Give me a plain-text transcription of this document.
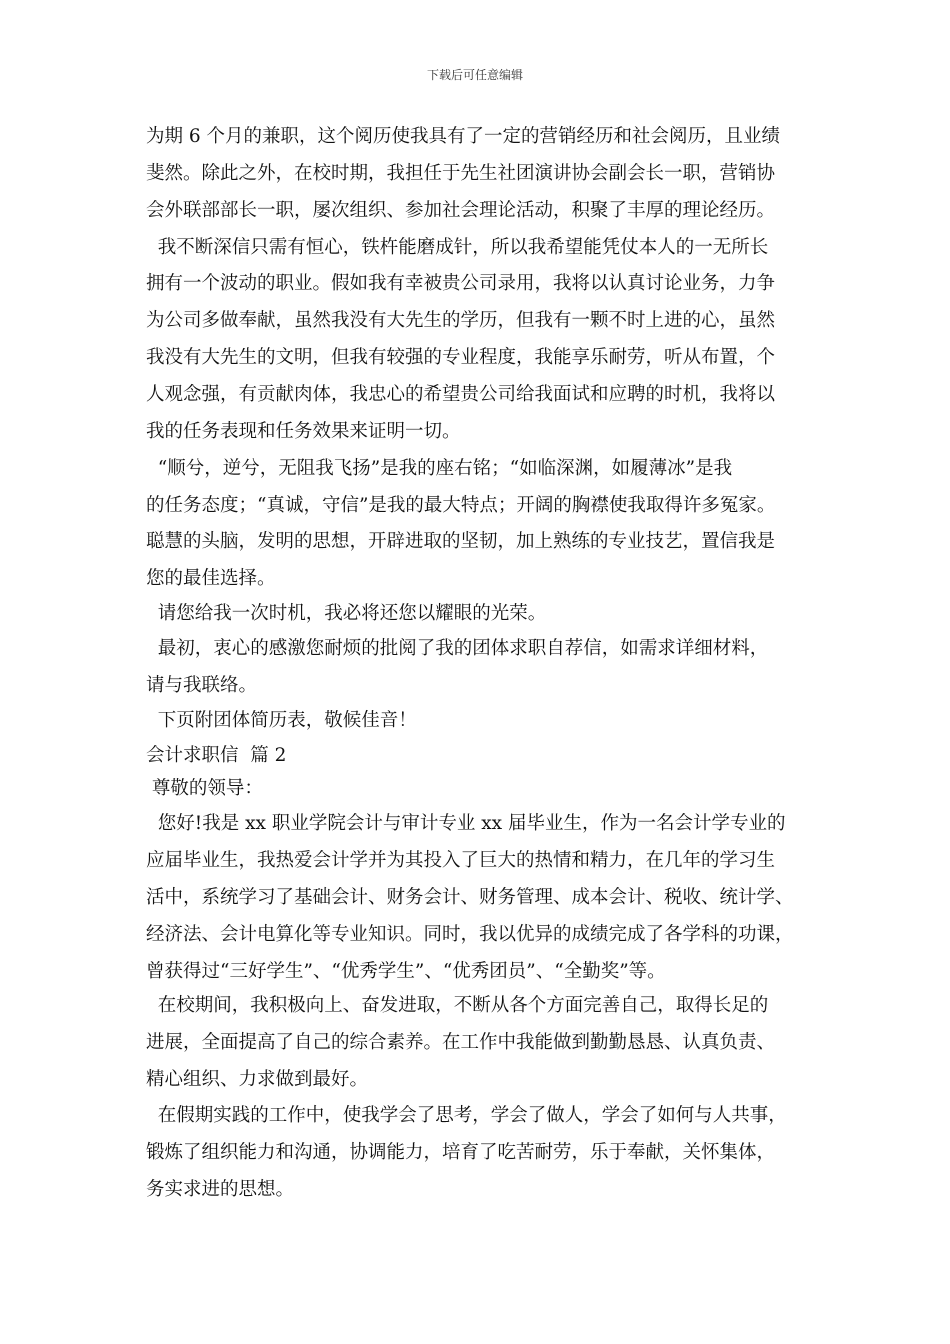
下载后可任意编辑
为期 6 个月的兼职，这个阅历使我具有了一定的营销经历和社会阅历，且业绩
斐然。除此之外，在校时期，我担任于先生社团演讲协会副会长一职，营销协
会外联部部长一职，屡次组织、参加社会理论活动，积聚了丰厚的理论经历。
我不断深信只需有恒心，铁杵能磨成针，所以我希望能凭仗本人的一无所长
拥有一个波动的职业。假如我有幸被贵公司录用，我将以认真讨论业务，力争
为公司多做奉献，虽然我没有大先生的学历，但我有一颗不时上进的心，虽然
我没有大先生的文明，但我有较强的专业程度，我能享乐耐劳，听从布置，个
人观念强，有贡献肉体，我忠心的希望贵公司给我面试和应聘的时机，我将以
我的任务表现和任务效果来证明一切。
“顺兮，逆兮，无阻我飞扬”是我的座右铭；“如临深渊，如履薄冰”是我
的任务态度；“真诚，守信”是我的最大特点；开阔的胸襟使我取得许多冤家。
聪慧的头脑，发明的思想，开辟进取的坚韧，加上熟练的专业技艺，置信我是
您的最佳选择。
请您给我一次时机，我必将还您以耀眼的光荣。
最初，衷心的感激您耐烦的批阅了我的团体求职自荐信，如需求详细材料，
请与我联络。
下页附团体简历表，敬候佳音！
会计求职信  篇 2
尊敬的领导：
您好!我是 xx 职业学院会计与审计专业 xx 届毕业生，作为一名会计学专业的
应届毕业生，我热爱会计学并为其投入了巨大的热情和精力，在几年的学习生
活中，系统学习了基础会计、财务会计、财务管理、成本会计、税收、统计学、
经济法、会计电算化等专业知识。同时，我以优异的成绩完成了各学科的功课，
曾获得过“三好学生”、“优秀学生”、“优秀团员”、“全勤奖”等。
在校期间，我积极向上、奋发进取，不断从各个方面完善自己，取得长足的
进展，全面提高了自己的综合素养。在工作中我能做到勤勤恳恳、认真负责、
精心组织、力求做到最好。
在假期实践的工作中，使我学会了思考，学会了做人，学会了如何与人共事，
锻炼了组织能力和沟通，协调能力，培育了吃苦耐劳，乐于奉献，关怀集体，
务实求进的思想。
